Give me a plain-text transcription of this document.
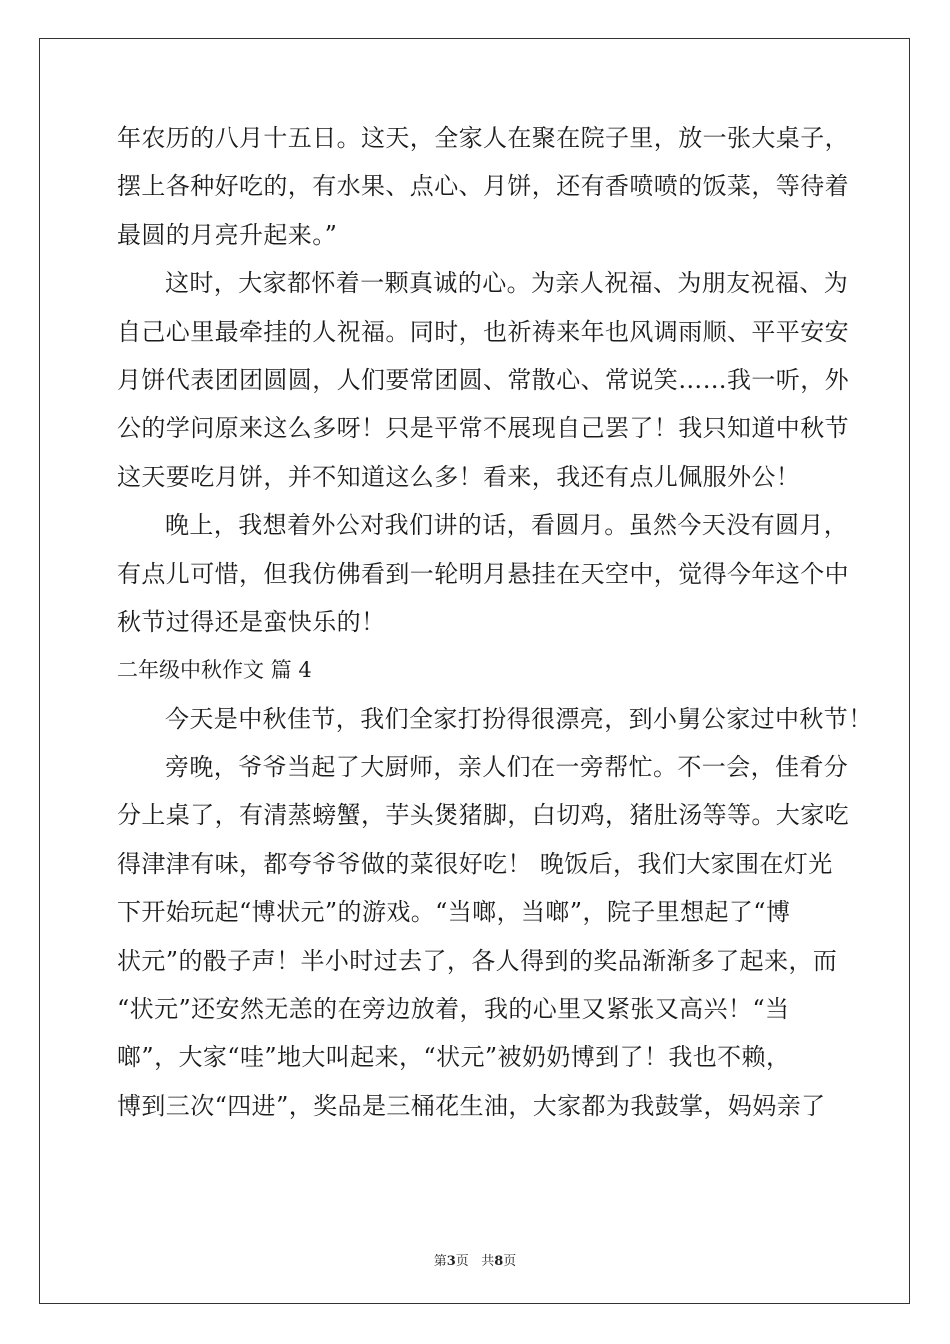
年农历的八月十五日。这天，全家人在聚在院子里，放一张大桌子，
摆上各种好吃的，有水果、点心、月饼，还有香喷喷的饭菜，等待着
最圆的月亮升起来。”
这时，大家都怀着一颗真诚的心。为亲人祝福、为朋友祝福、为
自己心里最牵挂的人祝福。同时，也祈祷来年也风调雨顺、平平安安
月饼代表团团圆圆，人们要常团圆、常散心、常说笑……我一听，外
公的学问原来这么多呀！只是平常不展现自己罢了！我只知道中秋节
这天要吃月饼，并不知道这么多！看来，我还有点儿佩服外公！
晚上，我想着外公对我们讲的话，看圆月。虽然今天没有圆月，
有点儿可惜，但我仿佛看到一轮明月悬挂在天空中，觉得今年这个中
秋节过得还是蛮快乐的！
二年级中秋作文 篇 4
今天是中秋佳节，我们全家打扮得很漂亮，到小舅公家过中秋节！
旁晚，爷爷当起了大厨师，亲人们在一旁帮忙。不一会，佳肴分
分上桌了，有清蒸螃蟹，芋头煲猪脚，白切鸡，猪肚汤等等。大家吃
得津津有味，都夸爷爷做的菜很好吃！ 晚饭后，我们大家围在灯光
下开始玩起“博状元”的游戏。“当啷，当啷”，院子里想起了“博
状元”的骰子声！半小时过去了，各人得到的奖品渐渐多了起来，而
“状元”还安然无恙的在旁边放着，我的心里又紧张又高兴！“当
啷”，大家“哇”地大叫起来，“状元”被奶奶博到了！我也不赖，
博到三次“四进”，奖品是三桶花生油，大家都为我鼓掌，妈妈亲了
第3页 共8页
